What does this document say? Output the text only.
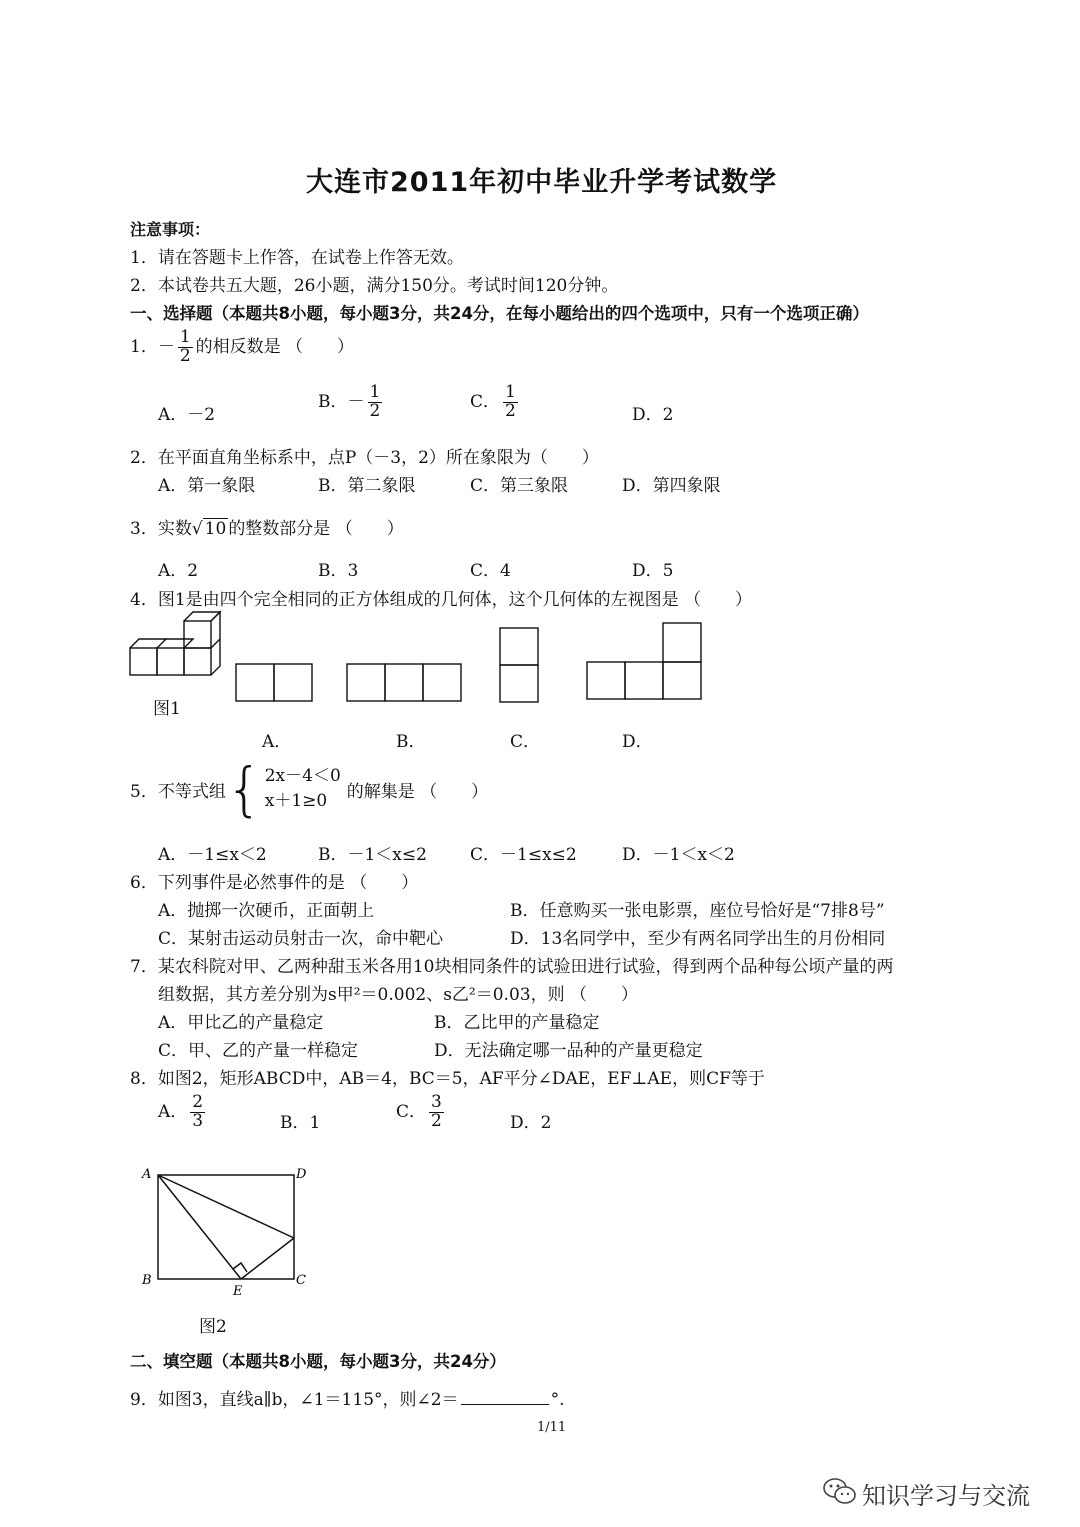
大连市2011年初中毕业升学考试数学
注意事项：
1．请在答题卡上作答，在试卷上作答无效。
2．本试卷共五大题，26小题，满分150分。考试时间120分钟。
一、选择题（本题共8小题，每小题3分，共24分，在每小题给出的四个选项中，只有一个选项正确）
1．－ $\frac{1}{2}$ 的相反数是 （　　）
A．－2
B．－ $\frac{1}{2}$	C． $\frac{1}{2}$	D．2
2．在平面直角坐标系中，点P（－3，2）所在象限为（　　）
A．第一象限	B．第二象限	C．第三象限	D．第四象限
3．实数√ 10 的整数部分是 （　　）
A．2	B．3	C．4	D．5
4．图1是由四个完全相同的正方体组成的几何体，这个几何体的左视图是 （　　）
图1
A．	B．	C．	D．
5．不等式组 { 2x－4＜0
x＋1≥0	的解集是 （　　）
A．－1≤x＜2	B．－1＜x≤2	C．－1≤x≤2	D．－1＜x＜2
6．下列事件是必然事件的是 （　　）
A．抛掷一次硬币，正面朝上	B．任意购买一张电影票，座位号恰好是“7排8号”
C．某射击运动员射击一次，命中靶心	D．13名同学中，至少有两名同学出生的月份相同
7．某农科院对甲、乙两种甜玉米各用10块相同条件的试验田进行试验，得到两个品种每公顷产量的两
组数据，其方差分别为s甲²＝0.002、s乙²＝0.03，则 （　　）
A．甲比乙的产量稳定	B．乙比甲的产量稳定
C．甲、乙的产量一样稳定	D．无法确定哪一品种的产量更稳定
8．如图2，矩形ABCD中，AB＝4，BC＝5，AF平分∠DAE，EF⊥AE，则CF等于
A． $\frac{2}{3}$	B．1
C． $\frac{3}{2}$	D．2
A	D
B	C
E
图2
二、填空题（本题共8小题，每小题3分，共24分）
9．如图3，直线a∥b，∠1＝115°，则∠2＝	°.
1/11
知识学习与交流
